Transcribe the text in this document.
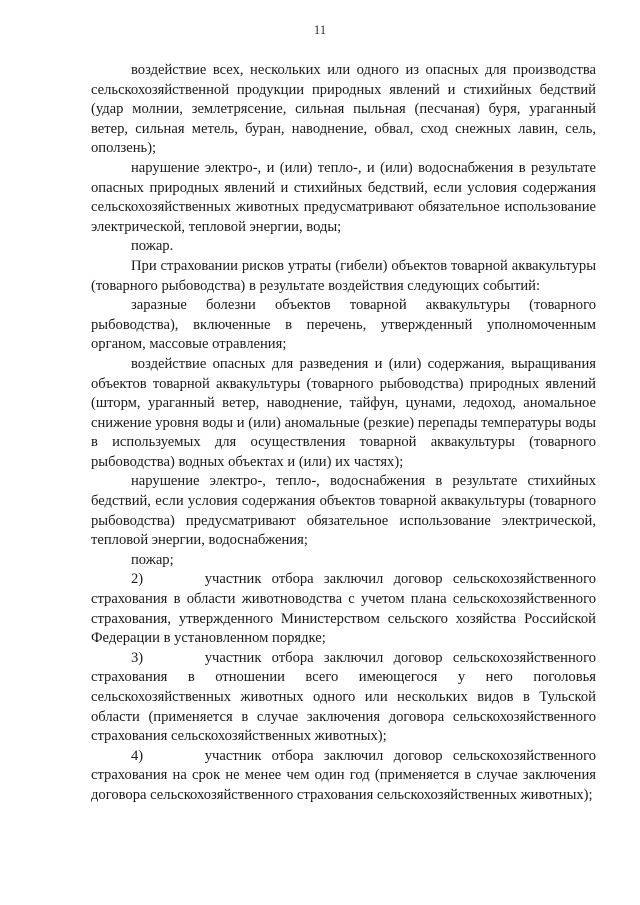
11

воздействие всех, нескольких или одного из опасных для производства сельскохозяйственной продукции природных явлений и стихийных бедствий (удар молнии, землетрясение, сильная пыльная (песчаная) буря, ураганный ветер, сильная метель, буран, наводнение, обвал, сход снежных лавин, сель, оползень);

нарушение электро-, и (или) тепло-, и (или) водоснабжения в результате опасных природных явлений и стихийных бедствий, если условия содержания сельскохозяйственных животных предусматривают обязательное использование электрической, тепловой энергии, воды;

пожар.

При страховании рисков утраты (гибели) объектов товарной аквакультуры (товарного рыбоводства) в результате воздействия следующих событий:

заразные болезни объектов товарной аквакультуры (товарного рыбоводства), включенные в перечень, утвержденный уполномоченным органом, массовые отравления;

воздействие опасных для разведения и (или) содержания, выращивания объектов товарной аквакультуры (товарного рыбоводства) природных явлений (шторм, ураганный ветер, наводнение, тайфун, цунами, ледоход, аномальное снижение уровня воды и (или) аномальные (резкие) перепады температуры воды в используемых для осуществления товарной аквакультуры (товарного рыбоводства) водных объектах и (или) их частях);

нарушение электро-, тепло-, водоснабжения в результате стихийных бедствий, если условия содержания объектов товарной аквакультуры (товарного рыбоводства) предусматривают обязательное использование электрической, тепловой энергии, водоснабжения;

пожар;

2)      участник отбора заключил договор сельскохозяйственного страхования в области животноводства с учетом плана сельскохозяйственного страхования, утвержденного Министерством сельского хозяйства Российской Федерации в установленном порядке;

3)      участник отбора заключил договор сельскохозяйственного страхования в отношении всего имеющегося у него поголовья сельскохозяйственных животных одного или нескольких видов в Тульской области (применяется в случае заключения договора сельскохозяйственного страхования сельскохозяйственных животных);

4)      участник отбора заключил договор сельскохозяйственного страхования на срок не менее чем один год (применяется в случае заключения договора сельскохозяйственного страхования сельскохозяйственных животных);
